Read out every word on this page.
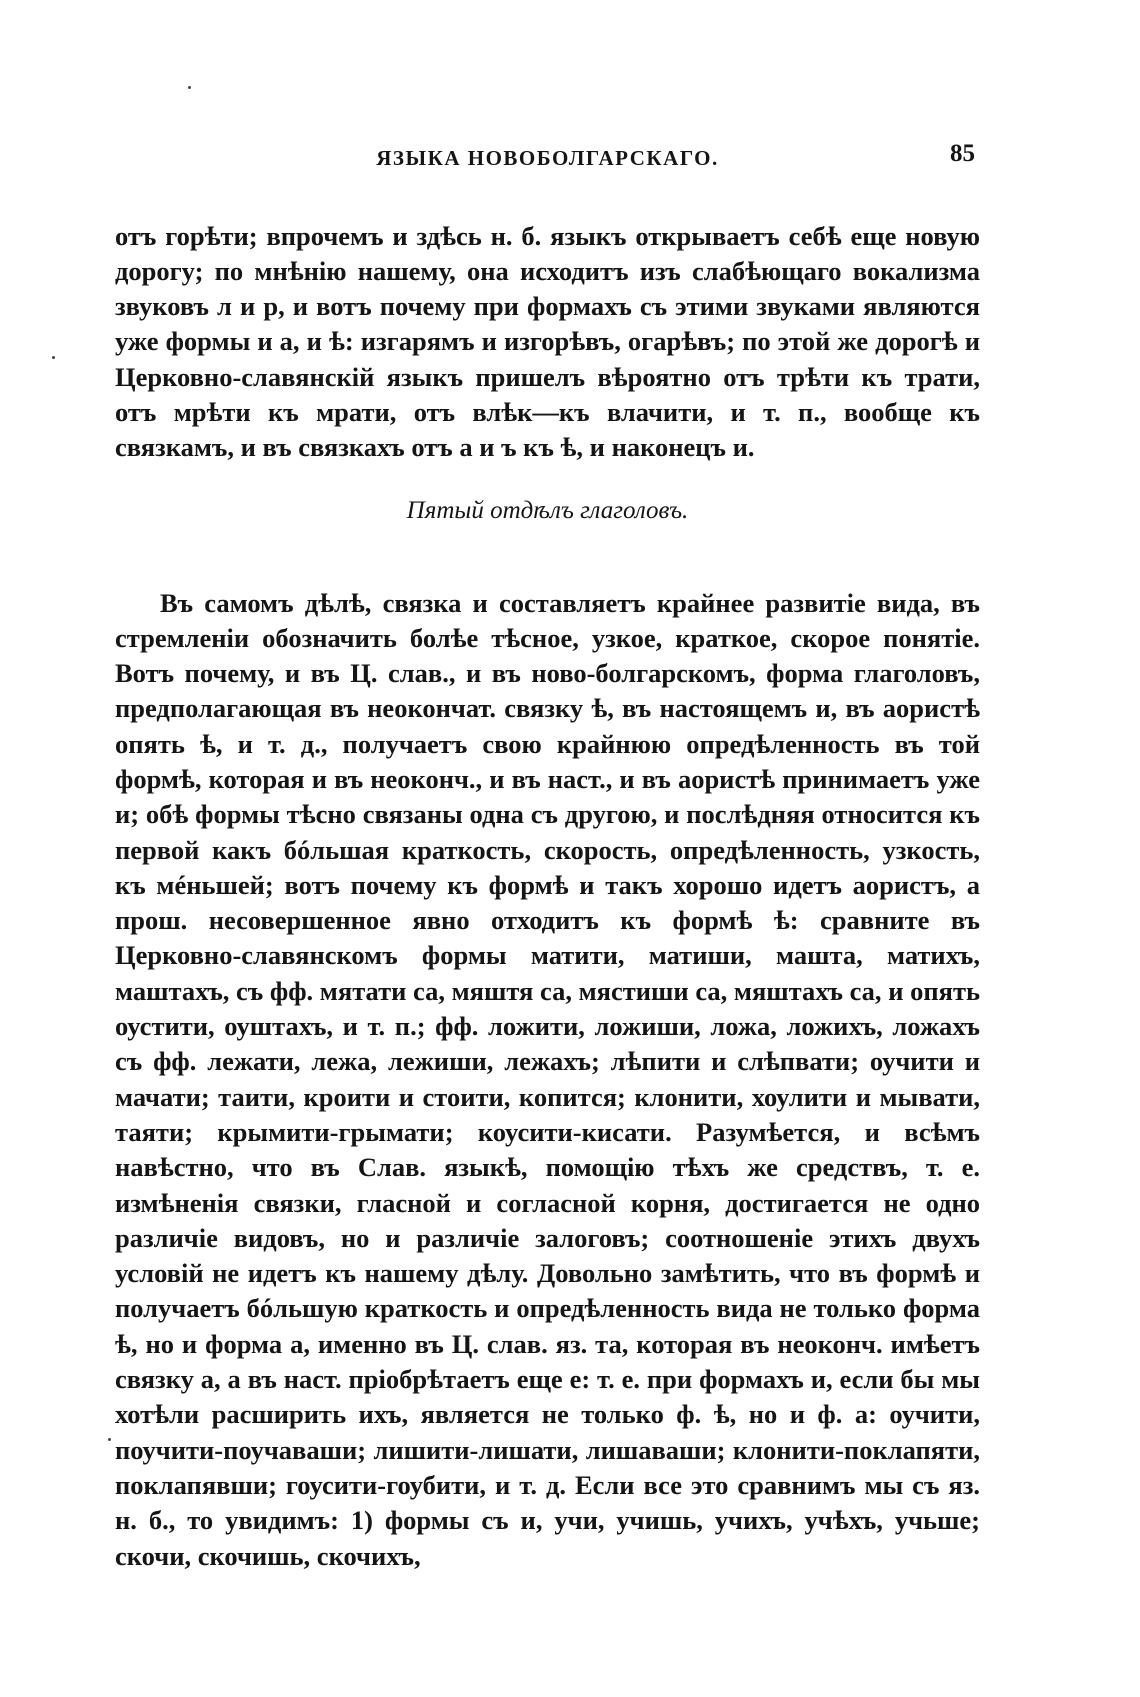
ЯЗЫКА НОВОБОЛГАРСКАГО.	85

отъ горѣти; впрочемъ и здѣсь н. б. языкъ открываетъ себѣ еще новую дорогу; по мнѣнію нашему, она исходитъ изъ слабѣющаго вокализма звуковъ л и р, и вотъ почему при формахъ съ этими звуками являются уже формы и а, и ѣ: изгарямъ и изгорѣвъ, огарѣвъ; по этой же дорогѣ и Церковно-славянскій языкъ пришелъ вѣроятно отъ трѣти къ трати, отъ мрѣти къ мрати, отъ влѣк—къ влачити, и т. п., вообще къ связкамъ, и въ связкахъ отъ а и ъ къ ѣ, и наконецъ и.

Пятый отдѣлъ глаголовъ.

Въ самомъ дѣлѣ, связка и составляетъ крайнее развитіе вида, въ стремленіи обозначить болѣе тѣсное, узкое, краткое, скорое понятіе. Вотъ почему, и въ Ц. слав., и въ ново-болгарскомъ, форма глаголовъ, предполагающая въ неокончат. связку ѣ, въ настоящемъ и, въ аористѣ опять ѣ, и т. д., получаетъ свою крайнюю опредѣленность въ той формѣ, которая и въ неоконч., и въ наст., и въ аористѣ принимаетъ уже и; обѣ формы тѣсно связаны одна съ другою, и послѣдняя относится къ первой какъ бóльшая краткость, скорость, опредѣленность, узкость, къ мéньшей; вотъ почему къ формѣ и такъ хорошо идетъ аористъ, а прош. несовершенное явно отходитъ къ формѣ ѣ: сравните въ Церковно-славянскомъ формы матити, матиши, машта, матихъ, маштахъ, съ фф. мятати са, мяштя са, мястиши са, мяштахъ са, и опять оустити, оуштахъ, и т. п.; фф. ложити, ложиши, ложа, ложихъ, ложахъ съ фф. лежати, лежа, лежиши, лежахъ; лѣпити и слѣпвати; оучити и мачати; таити, кроити и стоити, копится; клонити, хоулити и мывати, таяти; крымити-грымати; коусити-кисати. Разумѣется, и всѣмъ навѣстно, что въ Слав. языкѣ, помощію тѣхъ же средствъ, т. е. измѣненія связки, гласной и согласной корня, достигается не одно различіе видовъ, но и различіе залоговъ; соотношеніе этихъ двухъ условій не идетъ къ нашему дѣлу. Довольно замѣтить, что въ формѣ и получаетъ бóльшую краткость и опредѣленность вида не только форма ѣ, но и форма а, именно въ Ц. слав. яз. та, которая въ неоконч. имѣетъ связку а, а въ наст. пріобрѣтаетъ еще е: т. е. при формахъ и, если бы мы хотѣли расширить ихъ, является не только ф. ѣ, но и ф. а: оучити, поучити-поучаваши; лишити-лишати, лишаваши; клонити-поклапяти, поклапявши; гоусити-гоубити, и т. д. Если все это сравнимъ мы съ яз. н. б., то увидимъ: 1) формы съ и, учи, учишь, учихъ, учѣхъ, учьше; скочи, скочишь, скочихъ,
